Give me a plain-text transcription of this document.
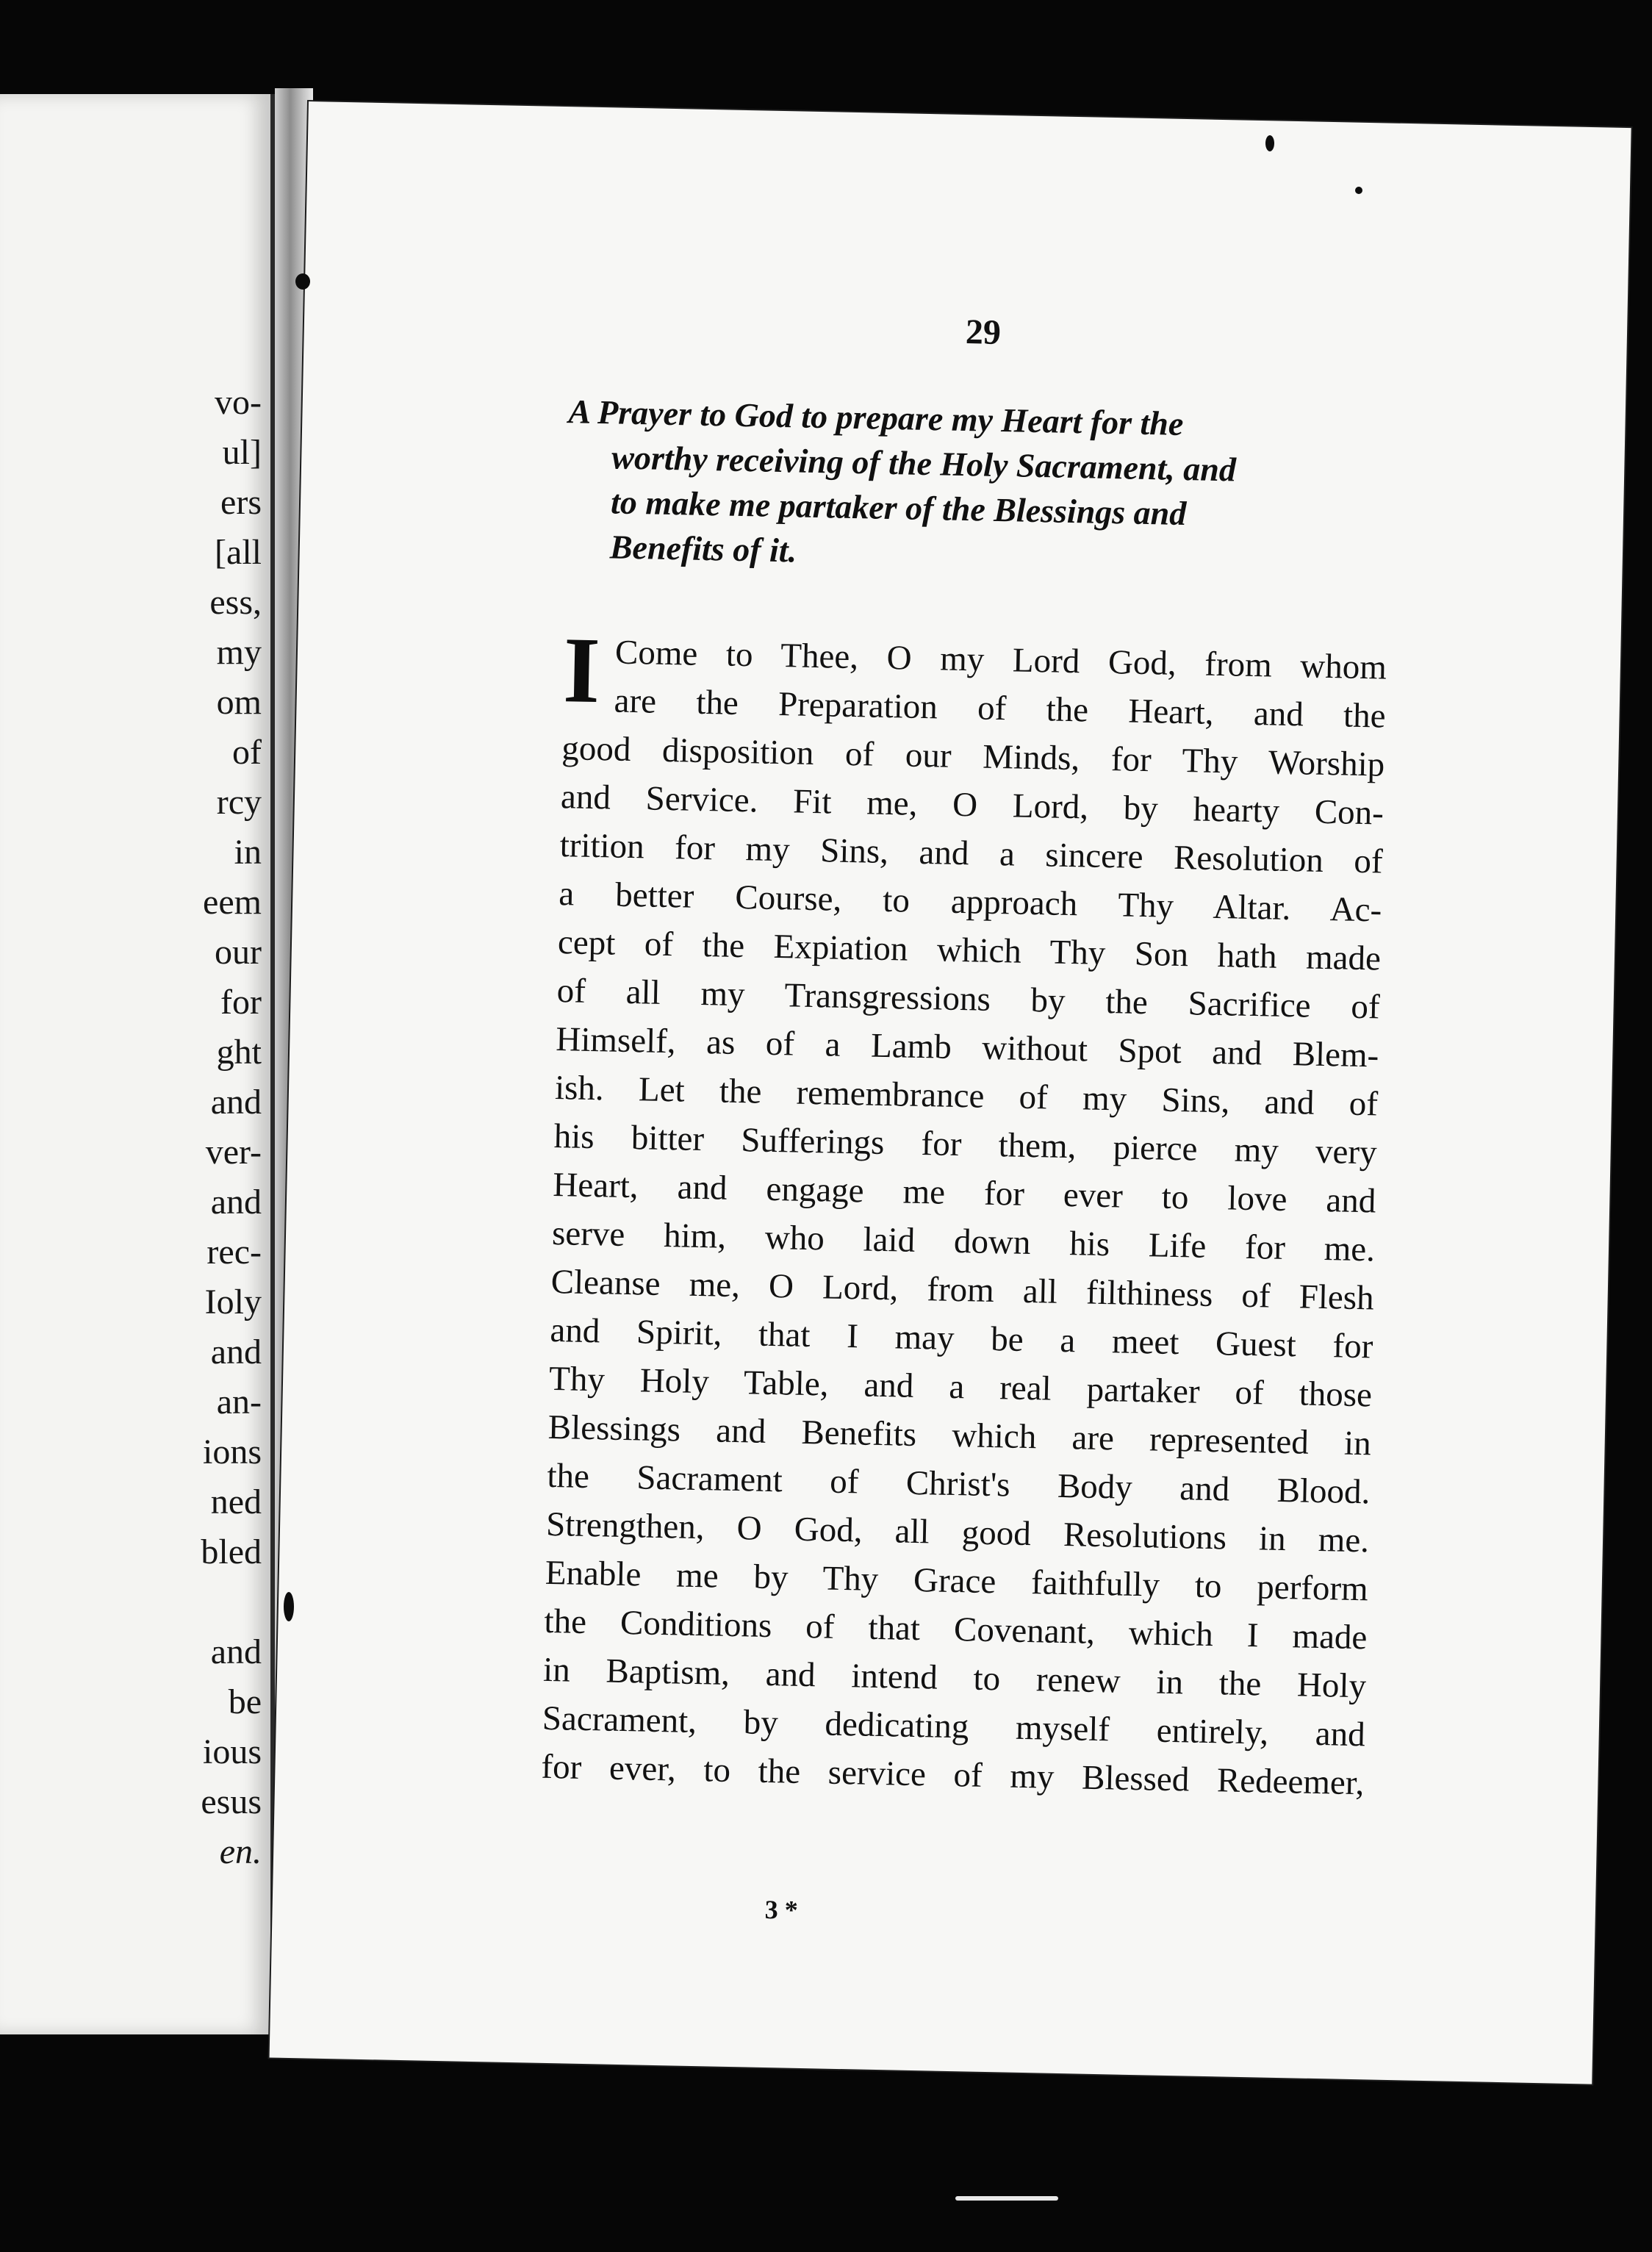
vo-
ul]
ers
[all
ess,
my
om
of
rcy
in
eem
our
for
ght
and
ver-
and
rec-
Ioly
and
an-
ions
ned
bled
and
be
ious
esus
en.
29
A Prayer to God to prepare my Heart for the
worthy receiving of the Holy Sacrament, and
to make me partaker of the Blessings and
Benefits of it.
I Come to Thee, O my Lord God, from whom
are the Preparation of the Heart, and the
good disposition of our Minds, for Thy Worship
and Service. Fit me, O Lord, by hearty Con-
trition for my Sins, and a sincere Resolution of
a better Course, to approach Thy Altar. Ac-
cept of the Expiation which Thy Son hath made
of all my Transgressions by the Sacrifice of
Himself, as of a Lamb without Spot and Blem-
ish. Let the remembrance of my Sins, and of
his bitter Sufferings for them, pierce my very
Heart, and engage me for ever to love and
serve him, who laid down his Life for me.
Cleanse me, O Lord, from all filthiness of Flesh
and Spirit, that I may be a meet Guest for
Thy Holy Table, and a real partaker of those
Blessings and Benefits which are represented in
the Sacrament of Christ's Body and Blood.
Strengthen, O God, all good Resolutions in me.
Enable me by Thy Grace faithfully to perform
the Conditions of that Covenant, which I made
in Baptism, and intend to renew in the Holy
Sacrament, by dedicating myself entirely, and
for ever, to the service of my Blessed Redeemer,
3 *
